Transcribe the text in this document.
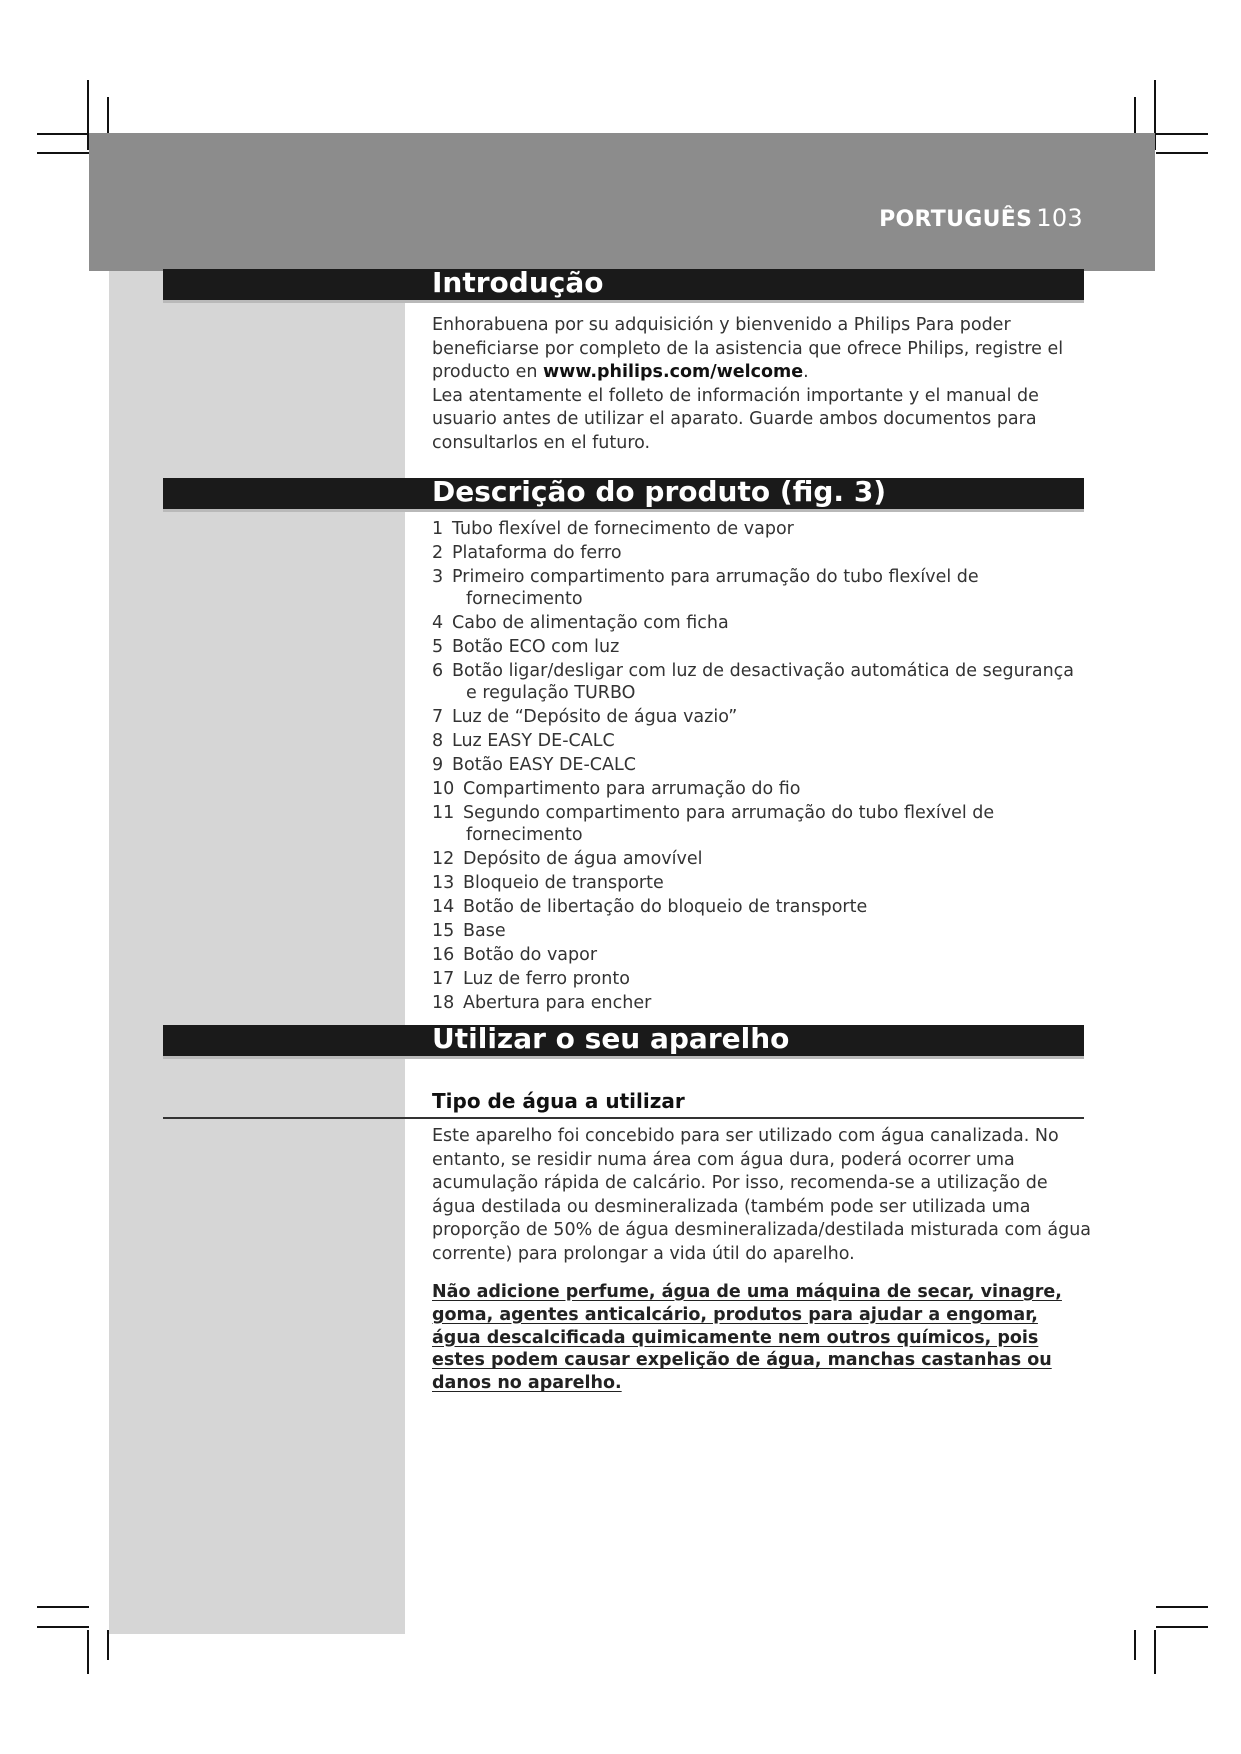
PORTUGUÊS 103
Introdução

Enhorabuena por su adquisición y bienvenido a Philips Para poder beneficiarse por completo de la asistencia que ofrece Philips, registre el producto en www.philips.com/welcome.

Lea atentamente el folleto de información importante y el manual de usuario antes de utilizar el aparato. Guarde ambos documentos para consultarlos en el futuro.

Descrição do produto (fig. 3)
1 Tubo flexível de fornecimento de vapor
2 Plataforma do ferro
3 Primeiro compartimento para arrumação do tubo flexível de
fornecimento
4 Cabo de alimentação com ficha
5 Botão ECO com luz
6 Botão ligar/desligar com luz de desactivação automática de segurança
e regulação TURBO
7 Luz de “Depósito de água vazio”
8 Luz EASY DE-CALC
9 Botão EASY DE-CALC
10 Compartimento para arrumação do fio
11 Segundo compartimento para arrumação do tubo flexível de
fornecimento
12 Depósito de água amovível
13 Bloqueio de transporte
14 Botão de libertação do bloqueio de transporte
15 Base
16 Botão do vapor
17 Luz de ferro pronto
18 Abertura para encher
Utilizar o seu aparelho
Tipo de água a utilizar
Este aparelho foi concebido para ser utilizado com água canalizada. No entanto, se residir numa área com água dura, poderá ocorrer uma acumulação rápida de calcário. Por isso, recomenda-se a utilização de água destilada ou desmineralizada (também pode ser utilizada uma proporção de 50% de água desmineralizada/destilada misturada com água corrente) para prolongar a vida útil do aparelho.
Não adicione perfume, água de uma máquina de secar, vinagre, goma, agentes anticalcário, produtos para ajudar a engomar, água descalcificada quimicamente nem outros químicos, pois estes podem causar expelição de água, manchas castanhas ou danos no aparelho.
